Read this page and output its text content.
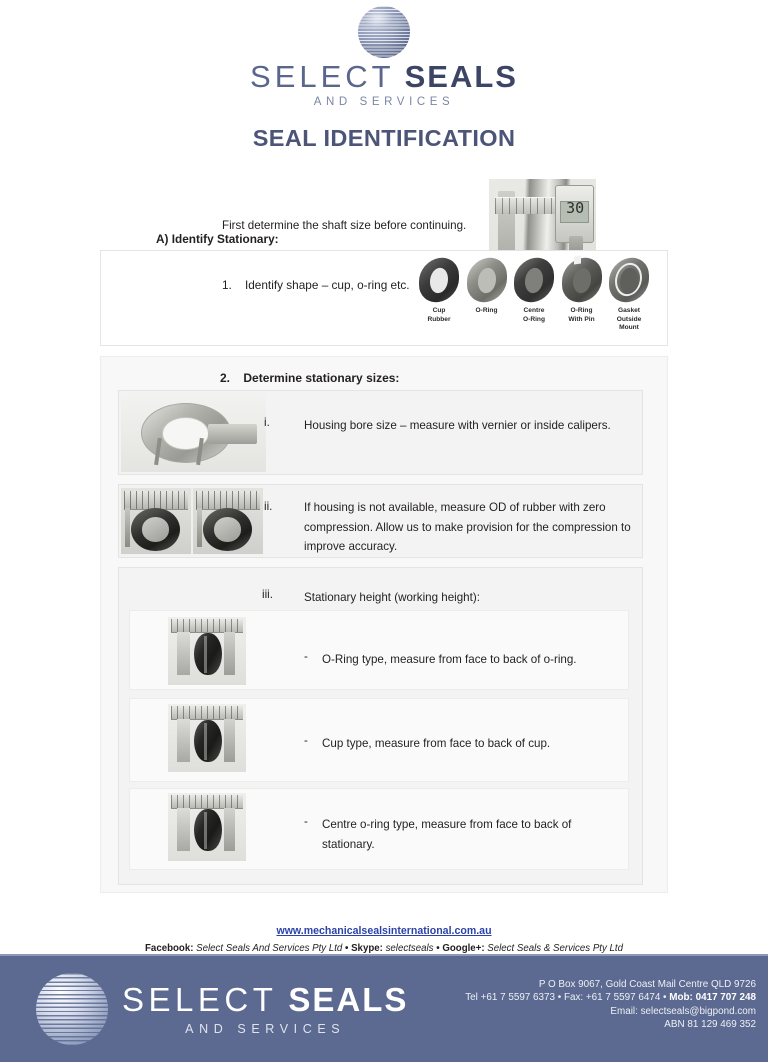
SELECT SEALS
AND SERVICES
SEAL IDENTIFICATION
First determine the shaft size before continuing.
30
A) Identify Stationary:
1. Identify shape – cup, o-ring etc.
Cup
Rubber
O-Ring	Centre
O-Ring
O-Ring
With Pin
Gasket
Outside Mount
2. Determine stationary sizes:
i.	Housing bore size – measure with vernier or inside calipers.
ii.	If housing is not available, measure OD of rubber with zero compression. Allow us to make provision for the compression to improve accuracy.
iii.	Stationary height (working height):
- O-Ring type, measure from face to back of o-ring.
- Cup type, measure from face to back of cup.
- Centre o-ring type, measure from face to back of stationary.
www.mechanicalsealsinternational.com.au
Facebook: Select Seals And Services Pty Ltd • Skype: selectseals • Google+: Select Seals & Services Pty Ltd
SELECT SEALS
AND SERVICES
P O Box 9067, Gold Coast Mail Centre QLD 9726
Tel +61 7 5597 6373 • Fax: +61 7 5597 6474 • Mob: 0417 707 248
Email: selectseals@bigpond.com
ABN 81 129 469 352
